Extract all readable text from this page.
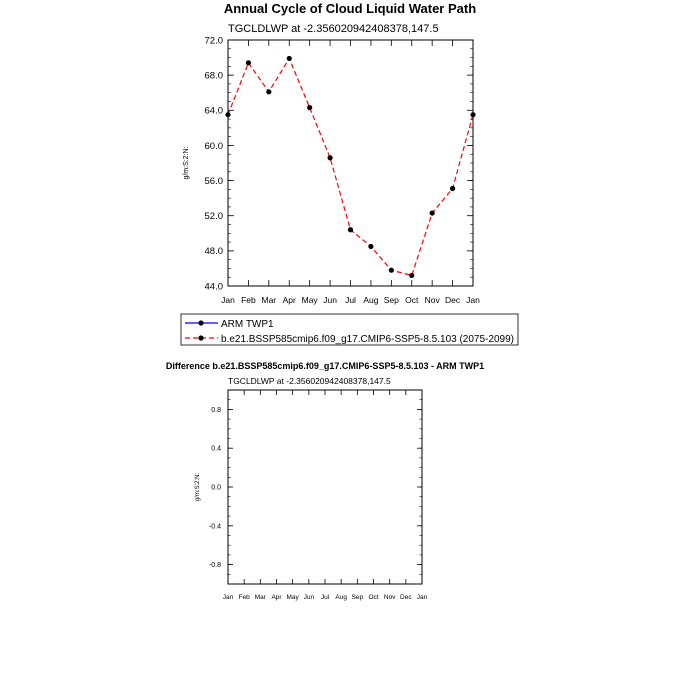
Annual Cycle of Cloud Liquid Water Path
TGCLDLWP at -2.3560209424083​78,147.5
g/m:S:2:N:
44.0
48.0
52.0
56.0
60.0
64.0
68.0
72.0
Jan Feb Mar Apr May Jun Jul Aug Sep Oct Nov Dec Jan
ARM TWP1
b.e21.BSSP585cmip6.f09_g17.CMIP6-SSP5-8.5.103 (2075-2099)
Difference b.e21.BSSP585cmip6.f09_g17.CMIP6-SSP5-8.5.103 - ARM TWP1
TGCLDLWP at -2.3560209424083​78,147.5
g/m:S:2:N:
-0.8
-0.4
0.0
0.4
0.8
Jan Feb Mar Apr May Jun Jul Aug Sep Oct Nov Dec Jan
